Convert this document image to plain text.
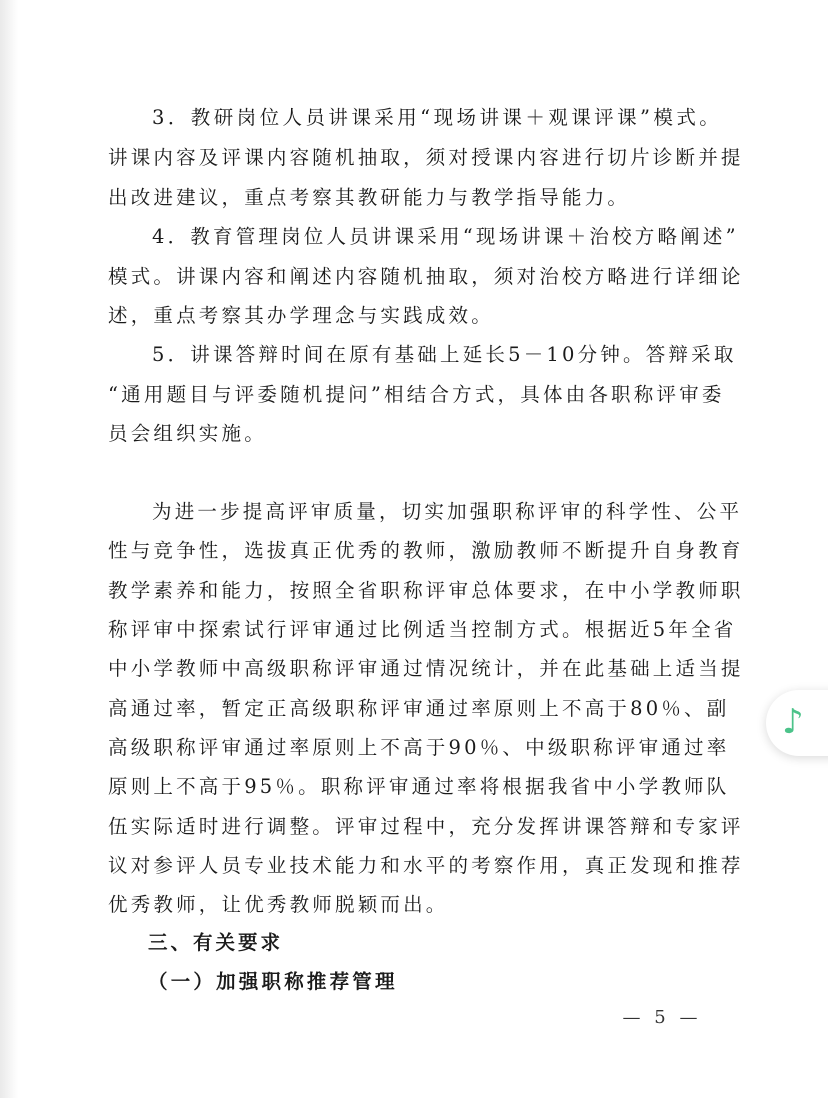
3．教研岗位人员讲课采用“现场讲课＋观课评课”模式。
讲课内容及评课内容随机抽取，须对授课内容进行切片诊断并提
出改进建议，重点考察其教研能力与教学指导能力。
4．教育管理岗位人员讲课采用“现场讲课＋治校方略阐述”
模式。讲课内容和阐述内容随机抽取，须对治校方略进行详细论
述，重点考察其办学理念与实践成效。
5．讲课答辩时间在原有基础上延长5－10分钟。答辩采取
“通用题目与评委随机提问”相结合方式，具体由各职称评审委
员会组织实施。
为进一步提高评审质量，切实加强职称评审的科学性、公平
性与竞争性，选拔真正优秀的教师，激励教师不断提升自身教育
教学素养和能力，按照全省职称评审总体要求，在中小学教师职
称评审中探索试行评审通过比例适当控制方式。根据近5年全省
中小学教师中高级职称评审通过情况统计，并在此基础上适当提
高通过率，暂定正高级职称评审通过率原则上不高于80％、副
高级职称评审通过率原则上不高于90％、中级职称评审通过率
原则上不高于95％。职称评审通过率将根据我省中小学教师队
伍实际适时进行调整。评审过程中，充分发挥讲课答辩和专家评
议对参评人员专业技术能力和水平的考察作用，真正发现和推荐
优秀教师，让优秀教师脱颖而出。
三、有关要求
（一）加强职称推荐管理
— 5 —
♪
